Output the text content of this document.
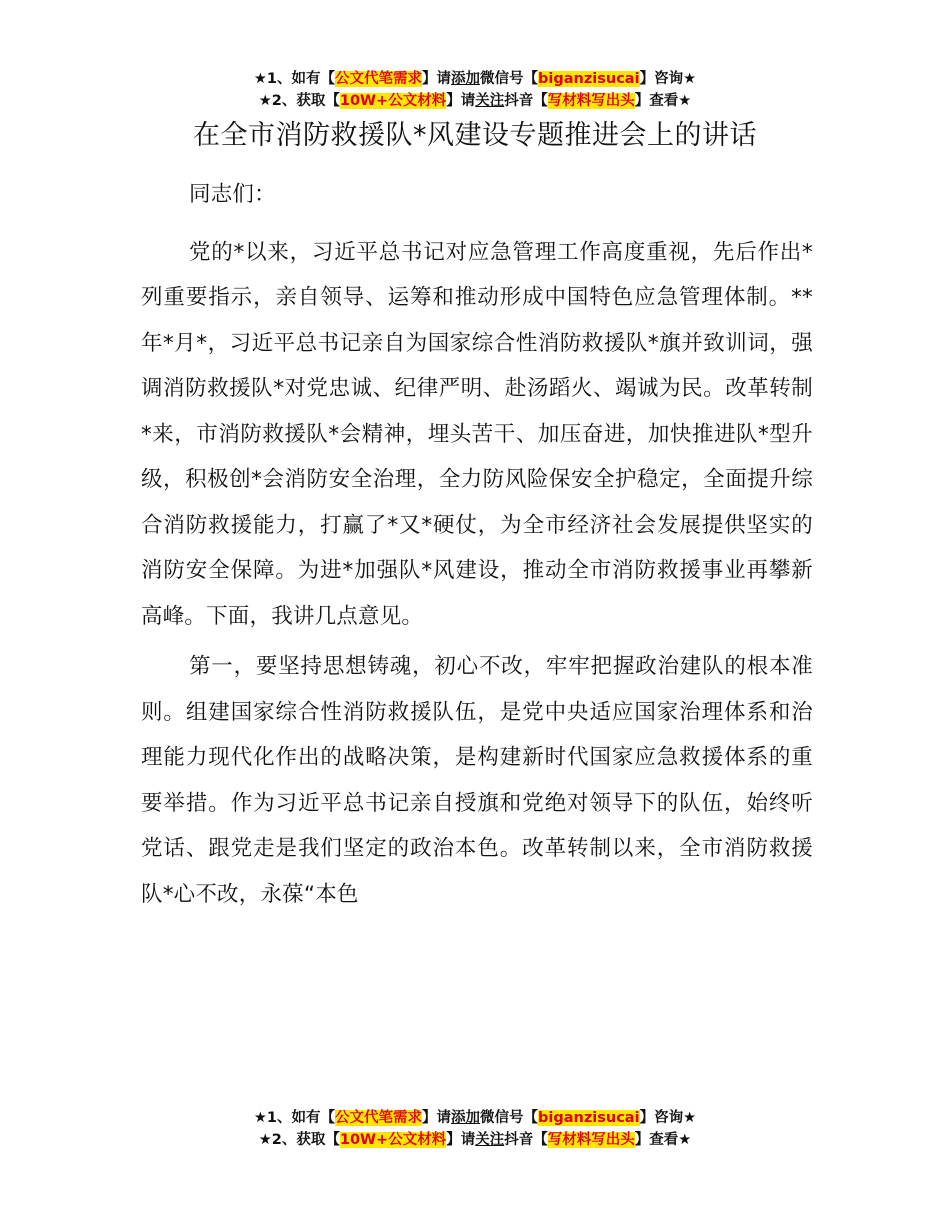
★1、如有【公文代笔需求】请添加微信号【biganzisucai】咨询★
★2、获取【10W+公文材料】请关注抖音【写材料写出头】查看★
在全市消防救援队*风建设专题推进会上的讲话

同志们：

党的*以来，习近平总书记对应急管理工作高度重视，先后作出*列重要指示，亲自领导、运筹和推动形成中国特色应急管理体制。**年*月*，习近平总书记亲自为国家综合性消防救援队*旗并致训词，强调消防救援队*对党忠诚、纪律严明、赴汤蹈火、竭诚为民。改革转制*来，市消防救援队*会精神，埋头苦干、加压奋进，加快推进队*型升级，积极创*会消防安全治理，全力防风险保安全护稳定，全面提升综合消防救援能力，打赢了*又*硬仗，为全市经济社会发展提供坚实的消防安全保障。为进*加强队*风建设，推动全市消防救援事业再攀新高峰。下面，我讲几点意见。

第一，要坚持思想铸魂，初心不改，牢牢把握政治建队的根本准则。组建国家综合性消防救援队伍，是党中央适应国家治理体系和治理能力现代化作出的战略决策，是构建新时代国家应急救援体系的重要举措。作为习近平总书记亲自授旗和党绝对领导下的队伍，始终听党话、跟党走是我们坚定的政治本色。改革转制以来，全市消防救援队*心不改，永葆“本色

★1、如有【公文代笔需求】请添加微信号【biganzisucai】咨询★
★2、获取【10W+公文材料】请关注抖音【写材料写出头】查看★
